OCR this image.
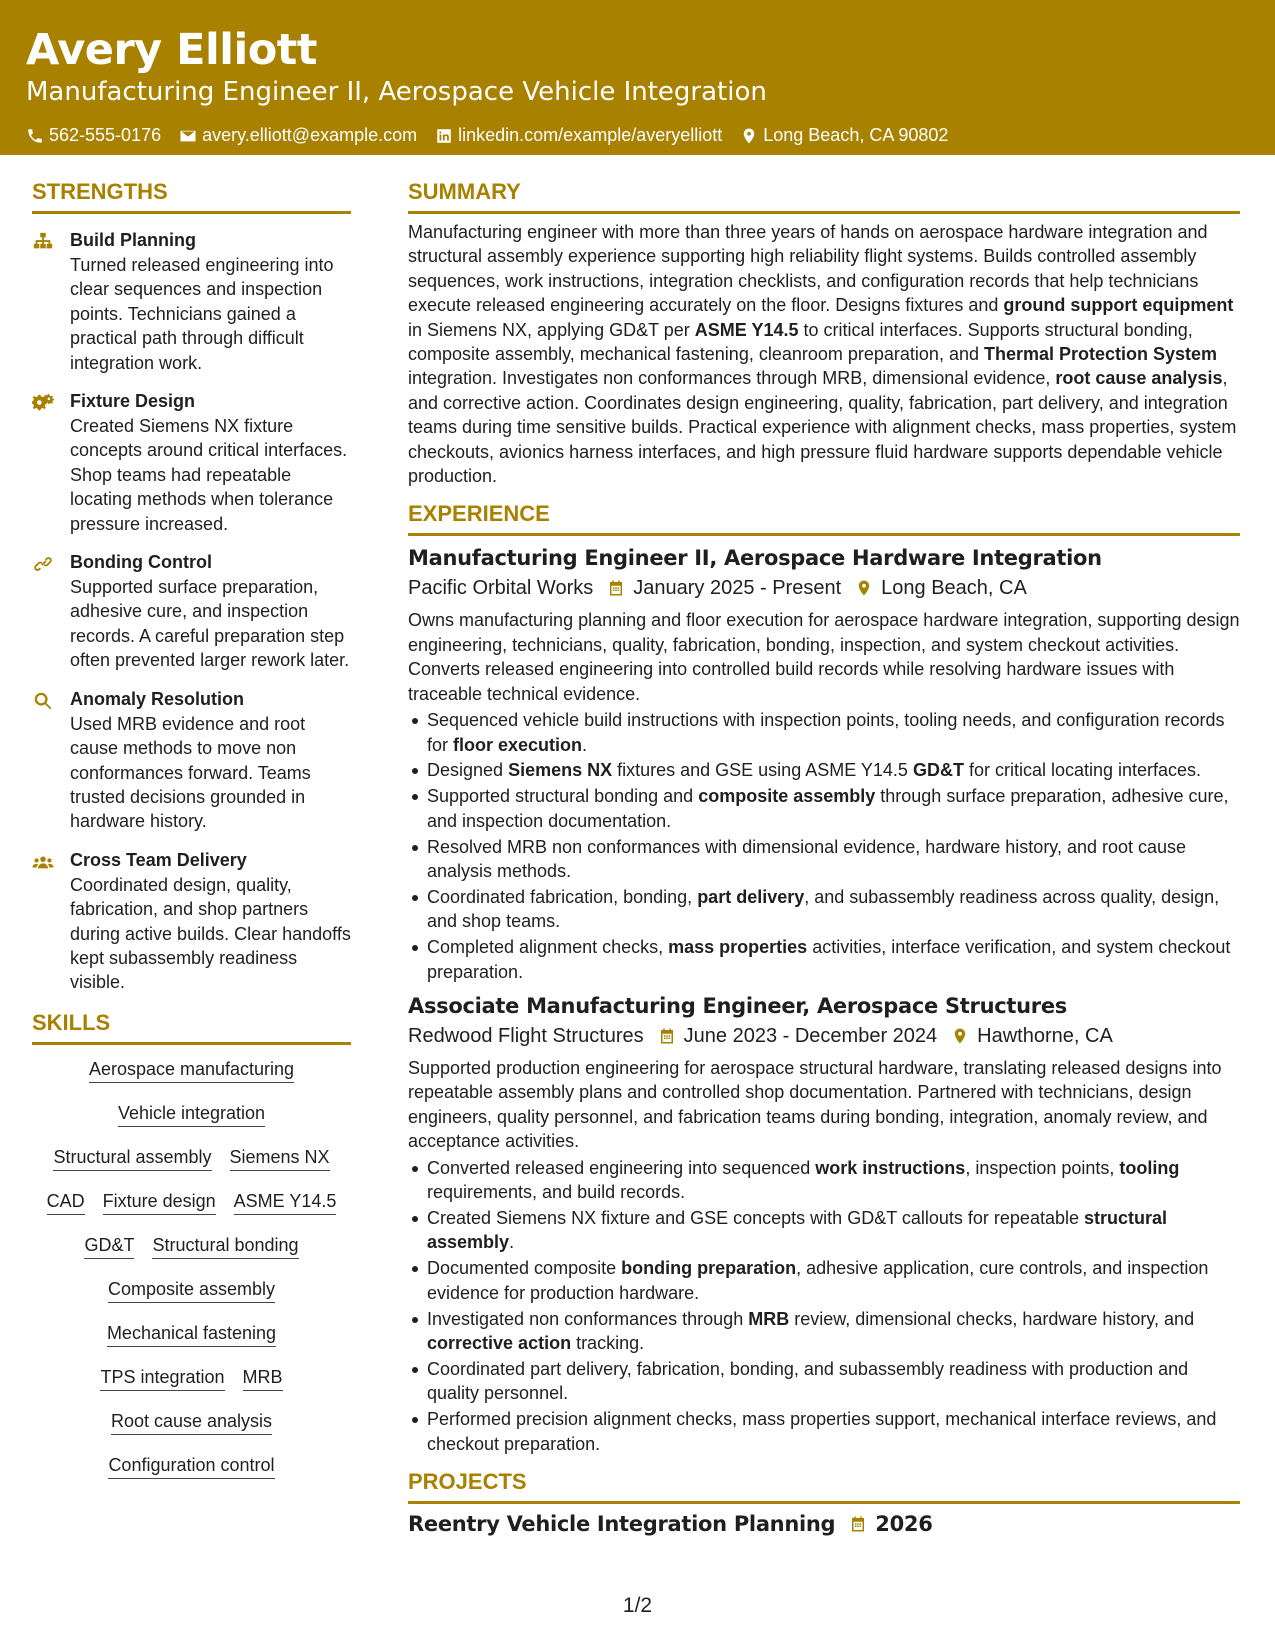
Avery Elliott
Manufacturing Engineer II, Aerospace Vehicle Integration
562-555-0176 avery.elliott@example.com linkedin.com/example/averyelliott Long Beach, CA 90802
STRENGTHS
Build Planning
Turned released engineering into clear sequences and inspection points. Technicians gained a practical path through difficult integration work.
Fixture Design
Created Siemens NX fixture concepts around critical interfaces. Shop teams had repeatable locating methods when tolerance pressure increased.
Bonding Control
Supported surface preparation, adhesive cure, and inspection records. A careful preparation step often prevented larger rework later.
Anomaly Resolution
Used MRB evidence and root cause methods to move non conformances forward. Teams trusted decisions grounded in hardware history.
Cross Team Delivery
Coordinated design, quality, fabrication, and shop partners during active builds. Clear handoffs kept subassembly readiness visible.
SKILLS
Aerospace manufacturing
Vehicle integration
Structural assembly Siemens NX
CAD Fixture design ASME Y14.5
GD&T Structural bonding
Composite assembly
Mechanical fastening
TPS integration MRB
Root cause analysis
Configuration control
SUMMARY

Manufacturing engineer with more than three years of hands on aerospace hardware integration and structural assembly experience supporting high reliability flight systems. Builds controlled assembly sequences, work instructions, integration checklists, and configuration records that help technicians execute released engineering accurately on the floor. Designs fixtures and ground support equipment in Siemens NX, applying GD&T per ASME Y14.5 to critical interfaces. Supports structural bonding, composite assembly, mechanical fastening, cleanroom preparation, and Thermal Protection System integration. Investigates non conformances through MRB, dimensional evidence, root cause analysis, and corrective action. Coordinates design engineering, quality, fabrication, part delivery, and integration teams during time sensitive builds. Practical experience with alignment checks, mass properties, system checkouts, avionics harness interfaces, and high pressure fluid hardware supports dependable vehicle production.

EXPERIENCE
Manufacturing Engineer II, Aerospace Hardware Integration
Pacific Orbital Works January 2025 - Present Long Beach, CA

Owns manufacturing planning and floor execution for aerospace hardware integration, supporting design engineering, technicians, quality, fabrication, bonding, inspection, and system checkout activities. Converts released engineering into controlled build records while resolving hardware issues with traceable technical evidence.

Sequenced vehicle build instructions with inspection points, tooling needs, and configuration records for floor execution.
Designed Siemens NX fixtures and GSE using ASME Y14.5 GD&T for critical locating interfaces.
Supported structural bonding and composite assembly through surface preparation, adhesive cure, and inspection documentation.
Resolved MRB non conformances with dimensional evidence, hardware history, and root cause analysis methods.
Coordinated fabrication, bonding, part delivery, and subassembly readiness across quality, design, and shop teams.
Completed alignment checks, mass properties activities, interface verification, and system checkout preparation.
Associate Manufacturing Engineer, Aerospace Structures
Redwood Flight Structures June 2023 - December 2024 Hawthorne, CA

Supported production engineering for aerospace structural hardware, translating released designs into repeatable assembly plans and controlled shop documentation. Partnered with technicians, design engineers, quality personnel, and fabrication teams during bonding, integration, anomaly review, and acceptance activities.

Converted released engineering into sequenced work instructions, inspection points, tooling requirements, and build records.
Created Siemens NX fixture and GSE concepts with GD&T callouts for repeatable structural assembly.
Documented composite bonding preparation, adhesive application, cure controls, and inspection evidence for production hardware.
Investigated non conformances through MRB review, dimensional checks, hardware history, and corrective action tracking.
Coordinated part delivery, fabrication, bonding, and subassembly readiness with production and quality personnel.
Performed precision alignment checks, mass properties support, mechanical interface reviews, and checkout preparation.
PROJECTS
Reentry Vehicle Integration Planning 2026
1/2
